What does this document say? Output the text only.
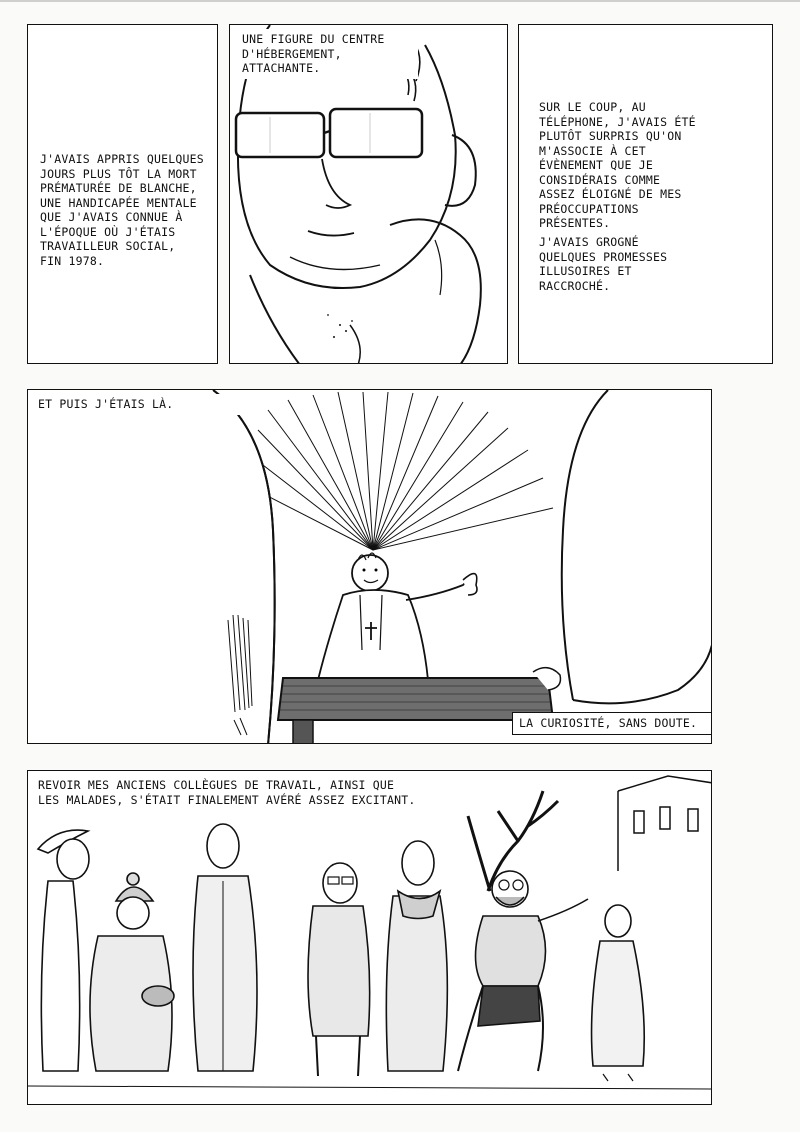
J'AVAIS APPRIS QUELQUES
JOURS PLUS TÔT LA MORT
PRÉMATURÉE DE BLANCHE,
UNE HANDICAPÉE MENTALE
QUE J'AVAIS CONNUE À
L'ÉPOQUE OÙ J'ÉTAIS
TRAVAILLEUR SOCIAL,
FIN 1978.
UNE FIGURE DU CENTRE
D'HÉBERGEMENT,
ATTACHANTE.
SUR LE COUP, AU
TÉLÉPHONE, J'AVAIS ÉTÉ
PLUTÔT SURPRIS QU'ON
M'ASSOCIE À CET
ÉVÈNEMENT QUE JE
CONSIDÉRAIS COMME
ASSEZ ÉLOIGNÉ DE MES
PRÉOCCUPATIONS
PRÉSENTES.
J'AVAIS GROGNÉ
QUELQUES PROMESSES
ILLUSOIRES ET
RACCROCHÉ.
ET PUIS J'ÉTAIS LÀ.
LA CURIOSITÉ, SANS DOUTE.
REVOIR MES ANCIENS COLLÈGUES DE TRAVAIL, AINSI QUE
LES MALADES, S'ÉTAIT FINALEMENT AVÉRÉ ASSEZ EXCITANT.
